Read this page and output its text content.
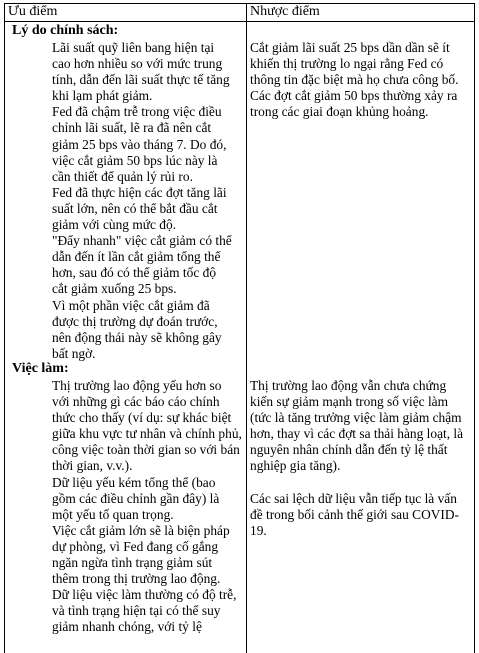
Ưu điểm	Nhược điểm
Lý do chính sách:

Lãi suất quỹ liên bang hiện tại cao hơn nhiều so với mức trung tính, dẫn đến lãi suất thực tế tăng khi lạm phát giảm.

Fed đã chậm trễ trong việc điều chỉnh lãi suất, lẽ ra đã nên cắt giảm 25 bps vào tháng 7. Do đó, việc cắt giảm 50 bps lúc này là cần thiết để quản lý rủi ro.

Fed đã thực hiện các đợt tăng lãi suất lớn, nên có thể bắt đầu cắt giảm với cùng mức độ.

"Đẩy nhanh" việc cắt giảm có thể dẫn đến ít lần cắt giảm tổng thể hơn, sau đó có thể giảm tốc độ cắt giảm xuống 25 bps.

Vì một phần việc cắt giảm đã được thị trường dự đoán trước, nên động thái này sẽ không gây bất ngờ.

Cắt giảm lãi suất 25 bps dần dần sẽ ít khiến thị trường lo ngại rằng Fed có thông tin đặc biệt mà họ chưa công bố. Các đợt cắt giảm 50 bps thường xảy ra trong các giai đoạn khủng hoảng.

Việc làm:

Thị trường lao động yếu hơn so với những gì các báo cáo chính thức cho thấy (ví dụ: sự khác biệt giữa khu vực tư nhân và chính phủ, công việc toàn thời gian so với bán thời gian, v.v.).

Dữ liệu yếu kém tổng thể (bao gồm các điều chỉnh gần đây) là một yếu tố quan trọng.

Việc cắt giảm lớn sẽ là biện pháp dự phòng, vì Fed đang cố gắng ngăn ngừa tình trạng giảm sút thêm trong thị trường lao động.

Dữ liệu việc làm thường có độ trễ, và tình trạng hiện tại có thể suy giảm nhanh chóng, với tỷ lệ

Thị trường lao động vẫn chưa chứng kiến sự giảm mạnh trong số việc làm (tức là tăng trưởng việc làm giảm chậm hơn, thay vì các đợt sa thải hàng loạt, là nguyên nhân chính dẫn đến tỷ lệ thất nghiệp gia tăng).

Các sai lệch dữ liệu vẫn tiếp tục là vấn đề trong bối cảnh thế giới sau COVID-19.
